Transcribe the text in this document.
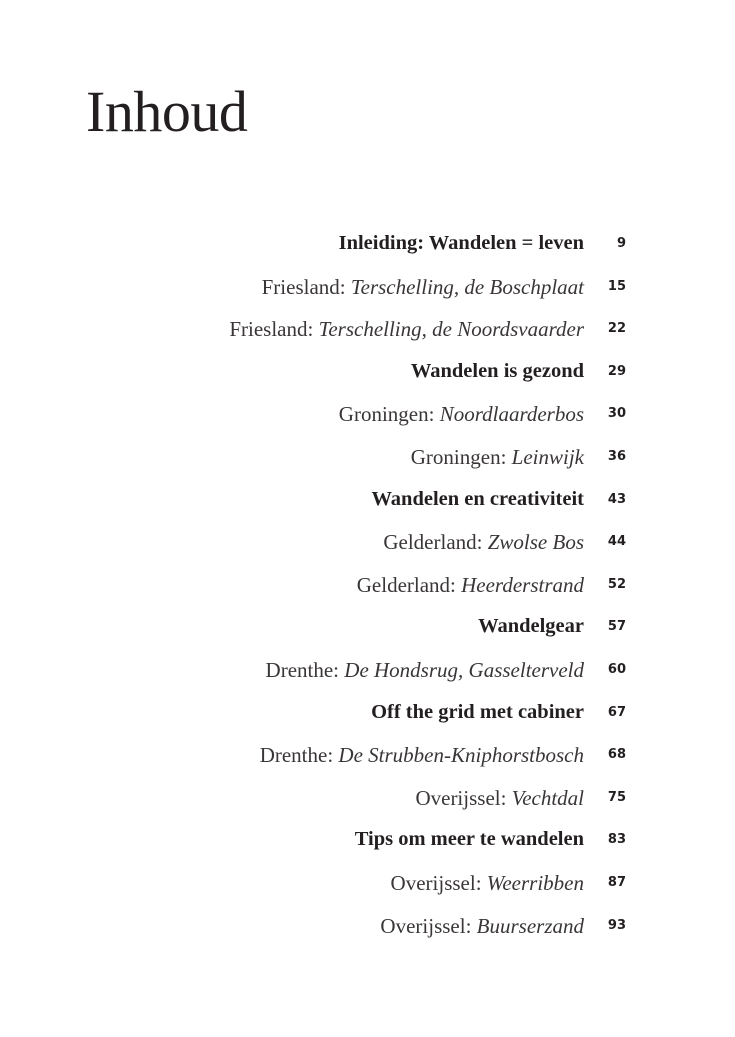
Inhoud
Inleiding: Wandelen = leven	9
Friesland: Terschelling, de Boschplaat 15
Friesland: Terschelling, de Noordsvaarder 22
Wandelen is gezond 29
Groningen: Noordlaarderbos 30
Groningen: Leinwijk 36
Wandelen en creativiteit 43
Gelderland: Zwolse Bos 44
Gelderland: Heerderstrand 52
Wandelgear 57
Drenthe: De Hondsrug, Gasselterveld 60
Off the grid met cabiner 67
Drenthe: De Strubben-Kniphorstbosch 68
Overijssel: Vechtdal 75
Tips om meer te wandelen 83
Overijssel: Weerribben 87
Overijssel: Buurserzand 93
